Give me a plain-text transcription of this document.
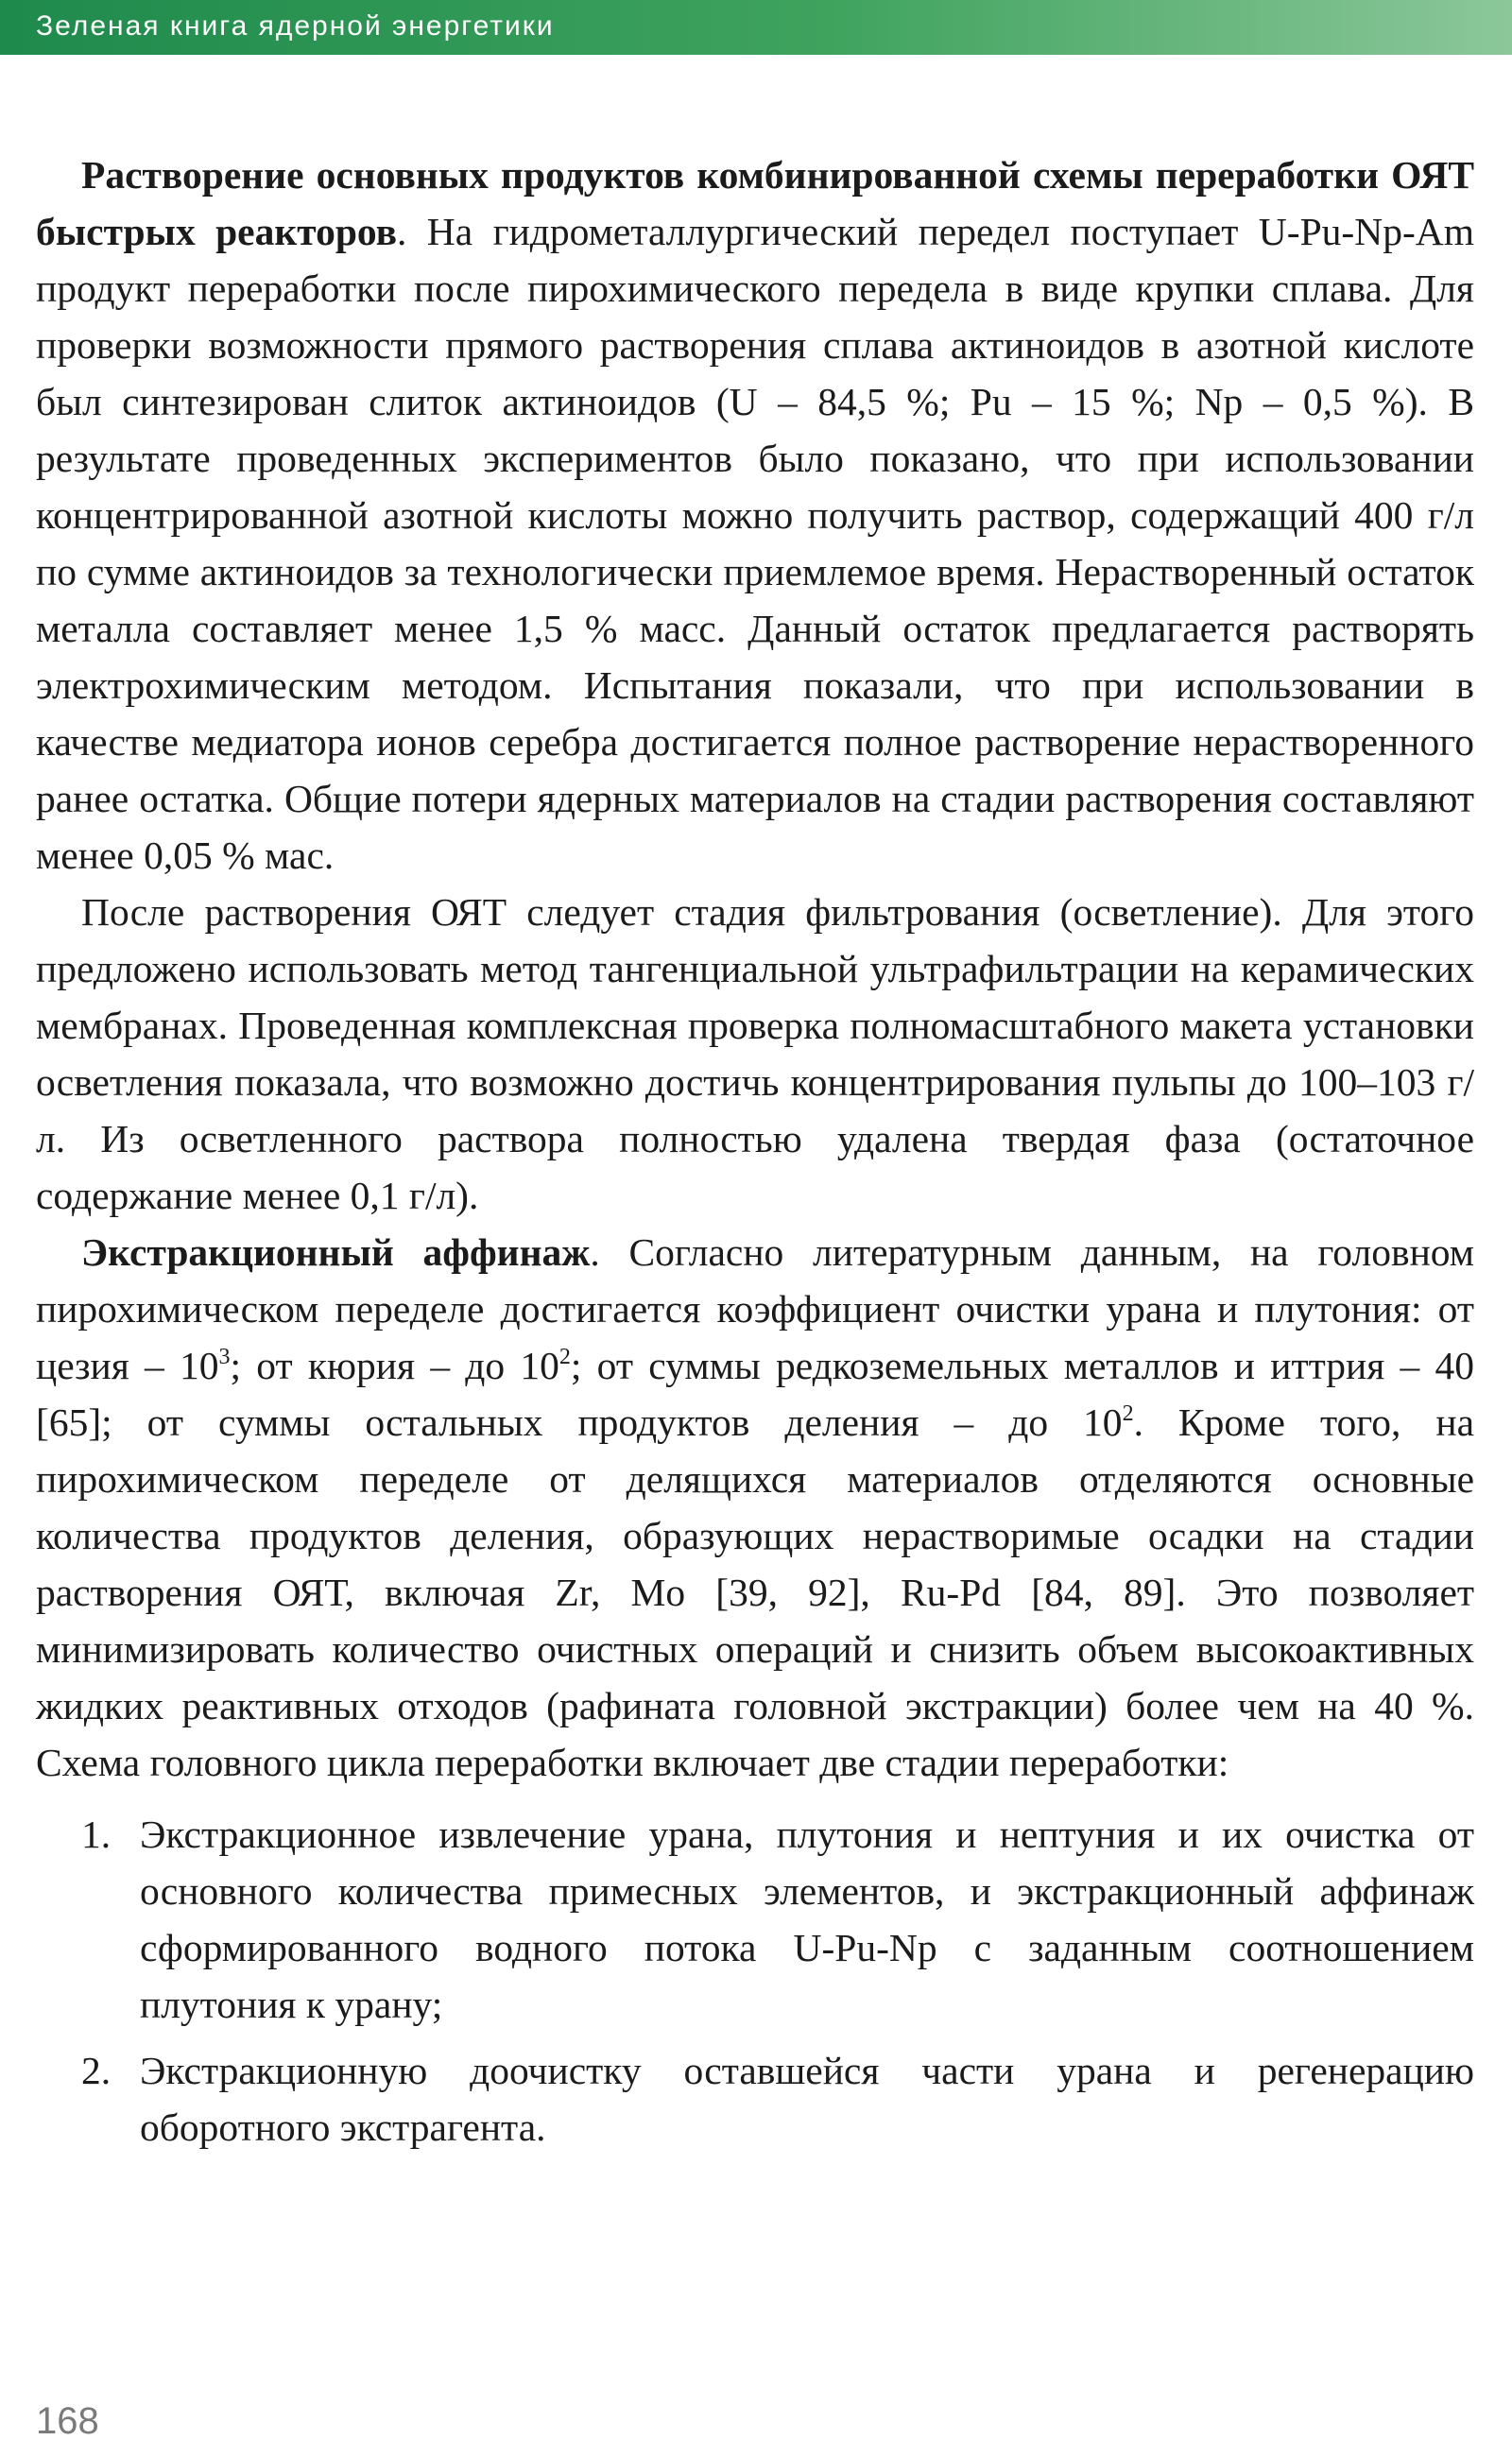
Зеленая книга ядерной энергетики

Растворение основных продуктов комбинированной схемы переработки ОЯТ быстрых реакторов. На гидрометаллургический передел поступает U-Pu-Np-Am продукт переработки после пирохимического передела в виде крупки сплава. Для проверки возможности прямого растворения сплава актиноидов в азотной кислоте был синтезирован слиток актиноидов (U – 84,5 %; Pu – 15 %; Np – 0,5 %). В результате проведенных экспериментов было показано, что при использовании концентрированной азотной кислоты можно получить раствор, содержащий 400 г/л по сумме актиноидов за технологически приемлемое время. Нерастворенный остаток металла составляет менее 1,5 % масс. Данный остаток предлагается растворять электрохимическим методом. Испытания показали, что при использовании в качестве медиатора ионов серебра достигается полное растворение нерастворенного ранее остатка. Общие потери ядерных материалов на стадии растворения составляют менее 0,05 % мас.

После растворения ОЯТ следует стадия фильтрования (осветление). Для этого предложено использовать метод тангенциальной ультрафильтрации на керамических мембранах. Проведенная комплексная проверка полномасштабного макета установки осветления показала, что возможно достичь концентрирования пульпы до 100–103 г/л. Из осветленного раствора полностью удалена твердая фаза (остаточное содержание менее 0,1 г/л).

Экстракционный аффинаж. Согласно литературным данным, на головном пирохимическом переделе достигается коэффициент очистки урана и плутония: от цезия – $10^3$; от кюрия – до $10^2$; от суммы редкоземельных металлов и иттрия – 40 [65]; от суммы остальных продуктов деления – до $10^2$. Кроме того, на пирохимическом переделе от делящихся материалов отделяются основные количества продуктов деления, образующих нерастворимые осадки на стадии растворения ОЯТ, включая Zr, Mo [39, 92], Ru-Pd [84, 89]. Это позволяет минимизировать количество очистных операций и снизить объем высокоактивных жидких реактивных отходов (рафината головной экстракции) более чем на 40 %. Схема головного цикла переработки включает две стадии переработки:

1. Экстракционное извлечение урана, плутония и нептуния и их очистка от основного количества примесных элементов, и экстракционный аффинаж сформированного водного потока U-Pu-Np с заданным соотношением плутония к урану;
2. Экстракционную доочистку оставшейся части урана и регенерацию оборотного экстрагента.
168
